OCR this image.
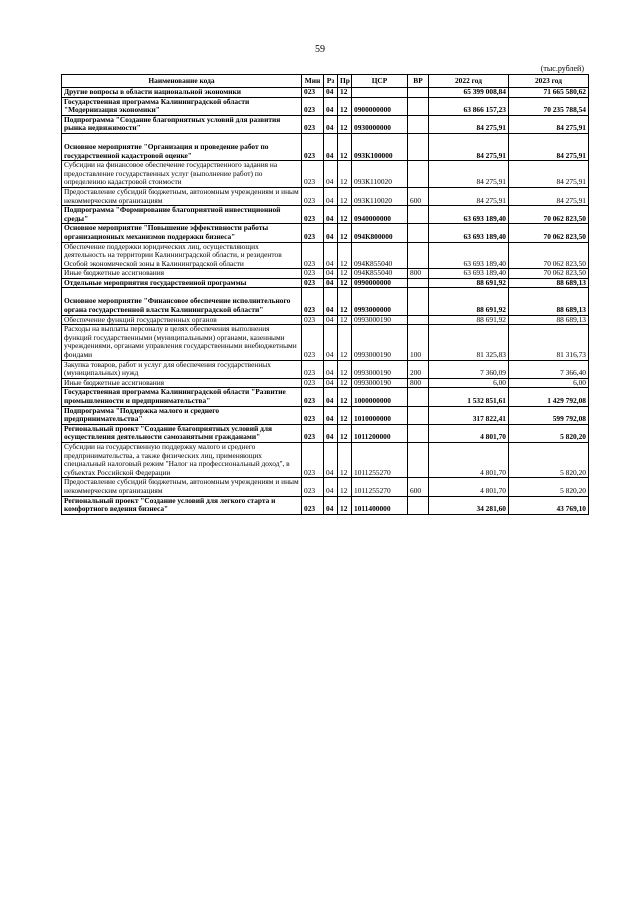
59
(тыс.рублей)
Наименование кода	Мин	Рз	Пр	ЦСР	ВР	2022 год	2023 год
Другие вопросы в области национальной экономики	023	04	12			65 399 008,84	71 665 580,62
Государственная программа Калининградской области "Модернизация экономики"	023	04	12	0900000000		63 866 157,23	70 235 788,54
Подпрограмма "Создание благоприятных условий для развития рынка недвижимости"	023	04	12	0930000000		84 275,91	84 275,91

Основное мероприятие "Организация и проведение работ по государственной кадастровой оценке"	023	04	12	093К100000		84 275,91	84 275,91
Субсидии на финансовое обеспечение государственного задания на предоставление государственных услуг (выполнение работ) по определению кадастровой стоимости	023	04	12	093К110020		84 275,91	84 275,91
Предоставление субсидий бюджетным, автономным учреждениям и иным некоммерческим организациям	023	04	12	093К110020	600	84 275,91	84 275,91
Подпрограмма "Формирование благоприятной инвестиционной среды"	023	04	12	0940000000		63 693 189,40	70 062 823,50
Основное мероприятие "Повышение эффективности работы организационных механизмов поддержки бизнеса"	023	04	12	094К800000		63 693 189,40	70 062 823,50
Обеспечение поддержки юридических лиц, осуществляющих деятельность на территории Калининградской области, и резидентов Особой экономической зоны в Калининградской области	023	04	12	094К855040		63 693 189,40	70 062 823,50
Иные бюджетные ассигнования	023	04	12	094К855040	800	63 693 189,40	70 062 823,50
Отдельные мероприятия государственной программы	023	04	12	0990000000		88 691,92	88 689,13

Основное мероприятие "Финансовое обеспечение исполнительного органа государственной власти Калининградской области"	023	04	12	0993000000		88 691,92	88 689,13
Обеспечение функций государственных органов	023	04	12	0993000190		88 691,92	88 689,13
Расходы на выплаты персоналу в целях обеспечения выполнения функций государственными (муниципальными) органами, казенными учреждениями, органами управления государственными внебюджетными фондами	023	04	12	0993000190	100	81 325,83	81 316,73
Закупка товаров, работ и услуг для обеспечения государственных (муниципальных) нужд	023	04	12	0993000190	200	7 360,09	7 366,40
Иные бюджетные ассигнования	023	04	12	0993000190	800	6,00	6,00
Государственная программа Калининградской области "Развитие промышленности и предпринимательства"	023	04	12	1000000000		1 532 851,61	1 429 792,08
Подпрограмма "Поддержка малого и среднего предпринимательства"	023	04	12	1010000000		317 822,41	599 792,08
Региональный проект "Создание благоприятных условий для осуществления деятельности самозанятыми гражданами"	023	04	12	1011200000		4 801,70	5 820,20
Субсидии на государственную поддержку малого и среднего предпринимательства, а также физических лиц, применяющих специальный налоговый режим "Налог на профессиональный доход", в субъектах Российской Федерации	023	04	12	1011255270		4 801,70	5 820,20
Предоставление субсидий бюджетным, автономным учреждениям и иным некоммерческим организациям	023	04	12	1011255270	600	4 801,70	5 820,20
Региональный проект "Создание условий для легкого старта и комфортного ведения бизнеса"	023	04	12	1011400000		34 281,60	43 769,10
